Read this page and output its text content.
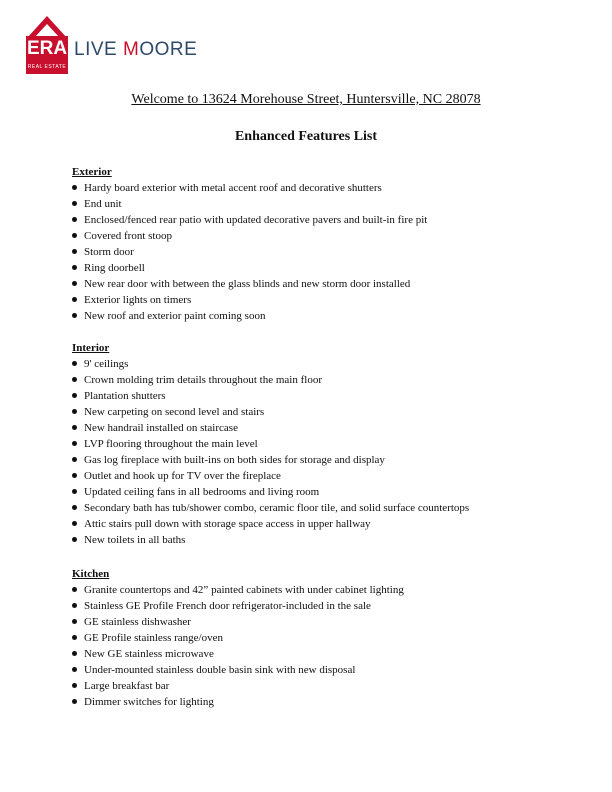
ERA
REAL ESTATE
LIVE MOORE
Welcome to 13624 Morehouse Street, Huntersville, NC 28078
Enhanced Features List
Exterior
Hardy board exterior with metal accent roof and decorative shutters
End unit
Enclosed/fenced rear patio with updated decorative pavers and built-in fire pit
Covered front stoop
Storm door
Ring doorbell
New rear door with between the glass blinds and new storm door installed
Exterior lights on timers
New roof and exterior paint coming soon
Interior
9' ceilings
Crown molding trim details throughout the main floor
Plantation shutters
New carpeting on second level and stairs
New handrail installed on staircase
LVP flooring throughout the main level
Gas log fireplace with built-ins on both sides for storage and display
Outlet and hook up for TV over the fireplace
Updated ceiling fans in all bedrooms and living room
Secondary bath has tub/shower combo, ceramic floor tile, and solid surface countertops
Attic stairs pull down with storage space access in upper hallway
New toilets in all baths
Kitchen
Granite countertops and 42” painted cabinets with under cabinet lighting
Stainless GE Profile French door refrigerator-included in the sale
GE stainless dishwasher
GE Profile stainless range/oven
New GE stainless microwave
Under-mounted stainless double basin sink with new disposal
Large breakfast bar
Dimmer switches for lighting
